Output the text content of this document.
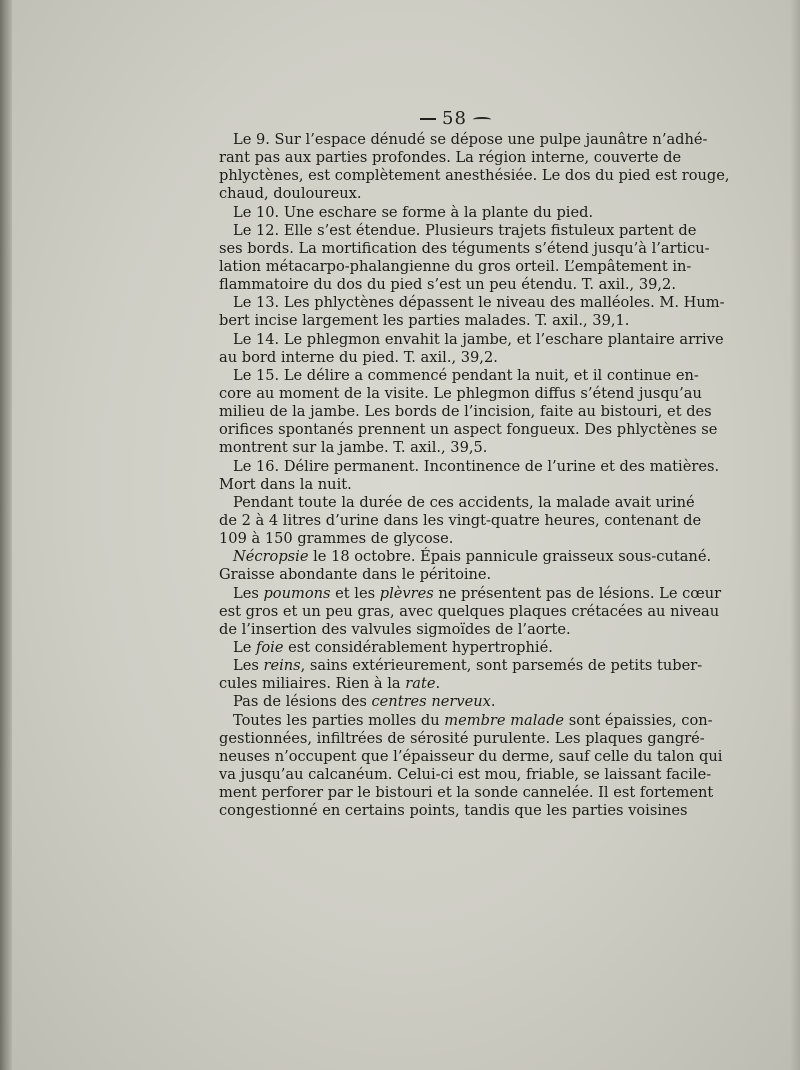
58
Le 9. Sur l’espace dénudé se dépose une pulpe jaunâtre n’adhé-
rant pas aux parties profondes. La région interne, couverte de
phlyctènes, est complètement anesthésiée. Le dos du pied est rouge,
chaud, douloureux.
Le 10. Une eschare se forme à la plante du pied.
Le 12. Elle s’est étendue. Plusieurs trajets fistuleux partent de
ses bords. La mortification des téguments s’étend jusqu’à l’articu-
lation métacarpo-phalangienne du gros orteil. L’empâtement in-
flammatoire du dos du pied s’est un peu étendu. T. axil., 39,2.
Le 13. Les phlyctènes dépassent le niveau des malléoles. M. Hum-
bert incise largement les parties malades. T. axil., 39,1.
Le 14. Le phlegmon envahit la jambe, et l’eschare plantaire arrive
au bord interne du pied. T. axil., 39,2.
Le 15. Le délire a commencé pendant la nuit, et il continue en-
core au moment de la visite. Le phlegmon diffus s’étend jusqu’au
milieu de la jambe. Les bords de l’incision, faite au bistouri, et des
orifices spontanés prennent un aspect fongueux. Des phlyctènes se
montrent sur la jambe. T. axil., 39,5.
Le 16. Délire permanent. Incontinence de l’urine et des matières.
Mort dans la nuit.
Pendant toute la durée de ces accidents, la malade avait uriné
de 2 à 4 litres d’urine dans les vingt-quatre heures, contenant de
109 à 150 grammes de glycose.
Nécropsie le 18 octobre. Épais pannicule graisseux sous-cutané.
Graisse abondante dans le péritoine.
Les poumons et les plèvres ne présentent pas de lésions. Le cœur
est gros et un peu gras, avec quelques plaques crétacées au niveau
de l’insertion des valvules sigmoïdes de l’aorte.
Le foie est considérablement hypertrophié.
Les reins, sains extérieurement, sont parsemés de petits tuber-
cules miliaires. Rien à la rate.
Pas de lésions des centres nerveux.
Toutes les parties molles du membre malade sont épaissies, con-
gestionnées, infiltrées de sérosité purulente. Les plaques gangré-
neuses n’occupent que l’épaisseur du derme, sauf celle du talon qui
va jusqu’au calcanéum. Celui-ci est mou, friable, se laissant facile-
ment perforer par le bistouri et la sonde cannelée. Il est fortement
congestionné en certains points, tandis que les parties voisines
